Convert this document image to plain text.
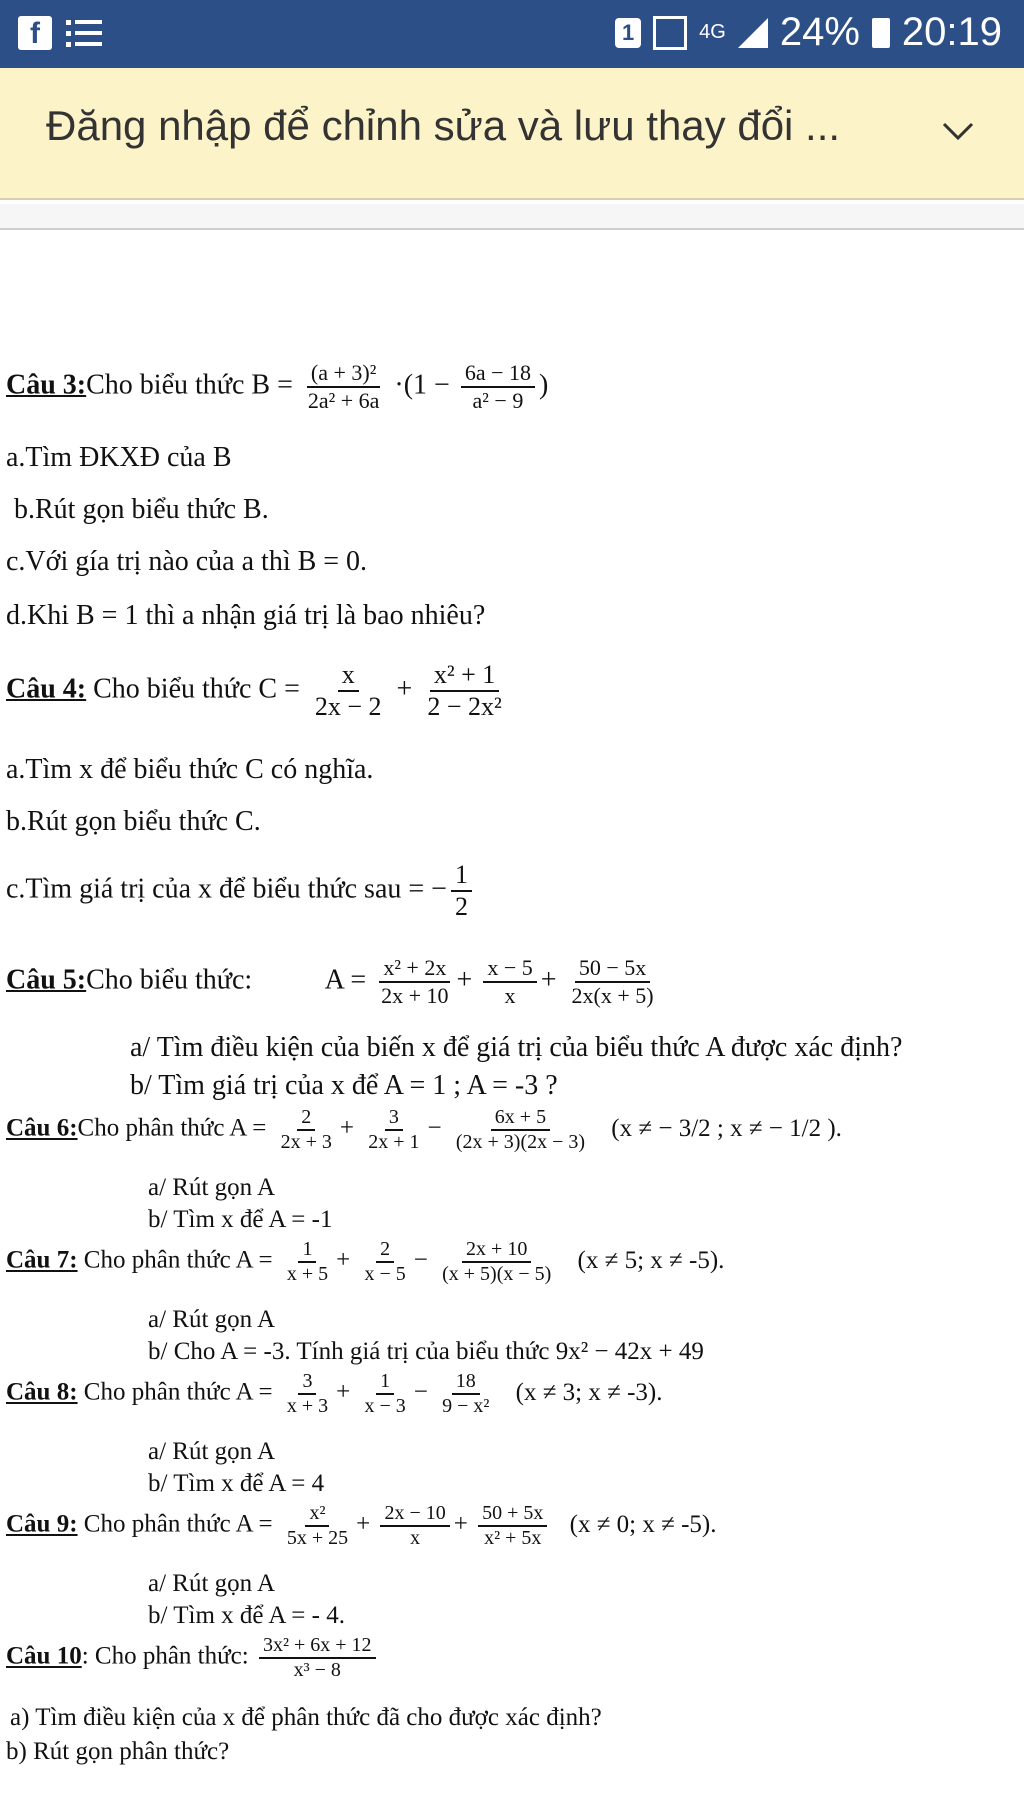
f	1	4G 24% 20:19
Đăng nhập để chỉnh sửa và lưu thay đổi ...
Câu 3:Cho biểu thức $B = \frac{\text{(a + 3)²}}{\text{2a² + 6a}} \cdot(1 - \frac{6a - 18}{\text{a² − 9}}$ )
a.Tìm ĐKXĐ của B
b.Rút gọn biểu thức B.
c.Với gía trị nào của a thì B = 0.
d.Khi B = 1 thì a nhận giá trị là bao nhiêu?
Câu 4: Cho biểu thức $C = \frac{x}{2x - 2} + \frac{\text{x² + 1}}{\text{2 − 2x²}}$
a.Tìm x để biểu thức C có nghĩa.
b.Rút gọn biểu thức C.
c.Tìm giá trị của x để biểu thức sau = − $\frac{1}{2}$
Câu 5:Cho biểu thức:	$A = \frac{\text{x² + 2x}}{2x + 10} + \frac{x - 5}{x} + \frac{50 - 5x}{2x(x + 5)}$
a/ Tìm điều kiện của biến x để giá trị của biểu thức A được xác định?
b/ Tìm giá trị của x để A = 1 ; A = -3 ?
Câu 6:Cho phân thức $A = \frac{2}{2x + 3} + \frac{3}{2x + 1} - \frac{6x + 5}{(2x + 3)(2x - 3)} (x$ ≠ − 3/2 ; x ≠ − 1/2 ).
a/ Rút gọn A
b/ Tìm x để A = -1
Câu 7: Cho phân thức $A = \frac{1}{x + 5} + \frac{2}{x - 5} - \frac{2x + 10}{(x + 5)(x - 5)} (x \ne 5$; x ≠ -5).
a/ Rút gọn A
b/ Cho A = -3. Tính giá trị của biểu thức 9x² − 42x + 49
Câu 8: Cho phân thức $A = \frac{3}{x + 3} + \frac{1}{x - 3} - \frac{18}{\text{9 − x²}} (x \ne 3$; x ≠ -3).
a/ Rút gọn A
b/ Tìm x để A = 4
Câu 9: Cho phân thức $A = \frac{\text{x²}}{5x + 25} + \frac{2x - 10}{x} + \frac{50 + 5x}{\text{x² + 5x}} (x \ne 0$; x ≠ -5).
a/ Rút gọn A
b/ Tìm x để A = - 4.
Câu 10: Cho phân thức: $\frac{\text{3x² + 6x + 12}}{\text{x³ − 8}}$
a) Tìm điều kiện của x để phân thức đã cho được xác định?
b) Rút gọn phân thức?
